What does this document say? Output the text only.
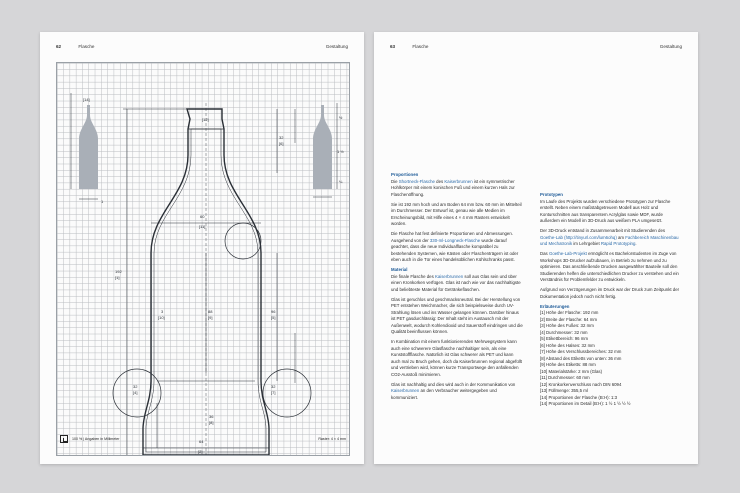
62	Flasche	Gestaltung
[14]
[12]
60
[11]
192
[1]
3
[10]
88
[9]
96
[5]
32
[6]
32
[4]
32
[7]
36
[8]
64
[2]
½
1 ½
¼
1
100 % | Angaben in Millimeter	Raster: 4 × 4 mm
63	Flasche	Gestaltung
Proportionen

Die Shortneck-Flasche des Kaiserbrunnen ist ein symmetrischer Hohlkörper mit einem konischen Fuß und einem kurzen Hals zur Flaschenöffnung.

Sie ist 192 mm hoch und am Boden 64 mm bzw. 60 mm im Mittelteil im Durchmesser. Der Entwurf ist, genau wie alle Medien im Erscheinungsbild, mit Hilfe eines 4 × 4 mm Rasters entwickelt worden.

Die Flasche hat fest definierte Proportionen und Abmessungen. Ausgehend von der 330-ml-Longneck-Flasche wurde darauf geachtet, dass die neue Individualflasche kompatibel zu bestehenden Systemen, wie Kästen oder Flaschenträgern ist oder eben auch in die Tür eines handelsüblichen Kühlschranks passt.

Material

Die finale Flasche des Kaiserbrunnen soll aus Glas sein und über einen Kronkorken verfügen. Glas ist nach wie vor das nachhaltigste und beliebteste Material für Getränkeflaschen.

Glas ist geruchlos und geschmacksneutral. Bei der Herstellung von PET entstehen Weichmacher, die sich beispielsweise durch UV-Strahlung lösen und ins Wasser gelangen können. Darüber hinaus ist PET gasdurchlässig: Der Inhalt steht im Austausch mit der Außenwelt, wodurch Kohlendioxid und Sauerstoff eindringen und die Qualität beeinflussen können.

In Kombination mit einem funktionierenden Mehrwegsystem kann auch eine schwerere Glasflasche nachhaltiger sein, als eine Kunststoffflasche. Natürlich ist Glas schwerer als PET und kann auch mal zu Bruch gehen, doch da Kaiserbrunnen regional abgefüllt und vertrieben wird, können kurze Transportwege den anfallenden CO2-Ausstoß minimieren.

Glas ist nachhaltig und dies wird auch in der Kommunikation von Kaiserbrunnen an den Verbraucher weitergegeben und kommuniziert.

Prototypen

Im Laufe des Projekts wurden verschiedene Prototypen zur Flasche erstellt. Neben einem maßstabgetreuem Modell aus Holz und Konturschnitten aus transparentem Acrylglas sowie MDF, wurde außerdem ein Modell im 3D-Druck aus weißem PLA umgesetzt.

Der 3D-Druck entstand in Zusammenarbeit mit Studierenden des Goethe-Lab (http://tinyurl.com/lum6ohq) am Fachbereich Maschinenbau und Mechatronik im Lehrgebiet Rapid Prototyping.

Das Goethe-Lab-Projekt ermöglicht es Bachelorstudenten im Zuge von Workshops 3D-Drucker aufzubauen, in Betrieb zu nehmen und zu optimieren. Das anschließende Drucken ausgewählter Bauteile soll den Studierenden helfen die unterschiedlichen Drucker zu verstehen und ein Verständnis für Problemfelder zu entwickeln.

Aufgrund von Verzögerungen im Druck war der Druck zum Zeitpunkt der Dokumentation jedoch noch nicht fertig.

Erläuterungen
[1] Höhe der Flasche: 192 mm
[2] Breite der Flasche: 64 mm
[3] Höhe des Fußes: 32 mm
[4] Durchmesser: 32 mm
[5] Etikettbereich: 96 mm
[6] Höhe des Halses: 32 mm
[7] Höhe des Verschlussbereiches: 32 mm
[8] Abstand des Etiketts von unten: 36 mm
[9] Höhe des Etiketts: 88 mm
[10] Materialstärke: 2 mm (Glas)
[11] Durchmesser: 60 mm
[12] Kronkorkenverschluss nach DIN 6094
[13] Füllmenge: 355,5 ml
[14] Proportionen der Flasche (B:H): 1:3
[14] Proportionen im Detail (B:H): 1 ½ 1 ½ ½ ½
